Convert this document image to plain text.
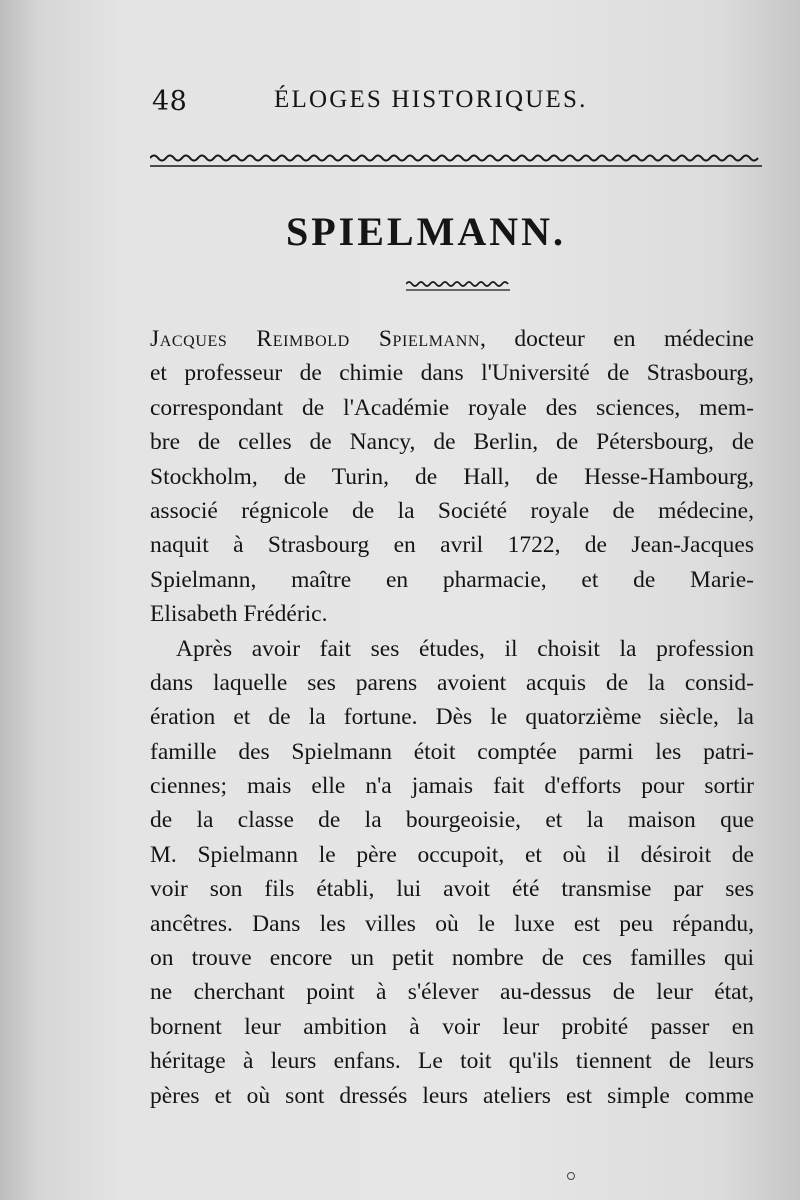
48	ÉLOGES HISTORIQUES.
SPIELMANN.
Jacques Reimbold Spielmann, docteur en médecine
et professeur de chimie dans l'Université de Strasbourg,
correspondant de l'Académie royale des sciences, mem-
bre de celles de Nancy, de Berlin, de Pétersbourg, de
Stockholm, de Turin, de Hall, de Hesse-Hambourg,
associé régnicole de la Société royale de médecine,
naquit à Strasbourg en avril 1722, de Jean-Jacques
Spielmann, maître en pharmacie, et de Marie-
Elisabeth Frédéric.
Après avoir fait ses études, il choisit la profession
dans laquelle ses parens avoient acquis de la consid-
ération et de la fortune. Dès le quatorzième siècle, la
famille des Spielmann étoit comptée parmi les patri-
ciennes; mais elle n'a jamais fait d'efforts pour sortir
de la classe de la bourgeoisie, et la maison que
M. Spielmann le père occupoit, et où il désiroit de
voir son fils établi, lui avoit été transmise par ses
ancêtres. Dans les villes où le luxe est peu répandu,
on trouve encore un petit nombre de ces familles qui
ne cherchant point à s'élever au-dessus de leur état,
bornent leur ambition à voir leur probité passer en
héritage à leurs enfans. Le toit qu'ils tiennent de leurs
pères et où sont dressés leurs ateliers est simple comme
